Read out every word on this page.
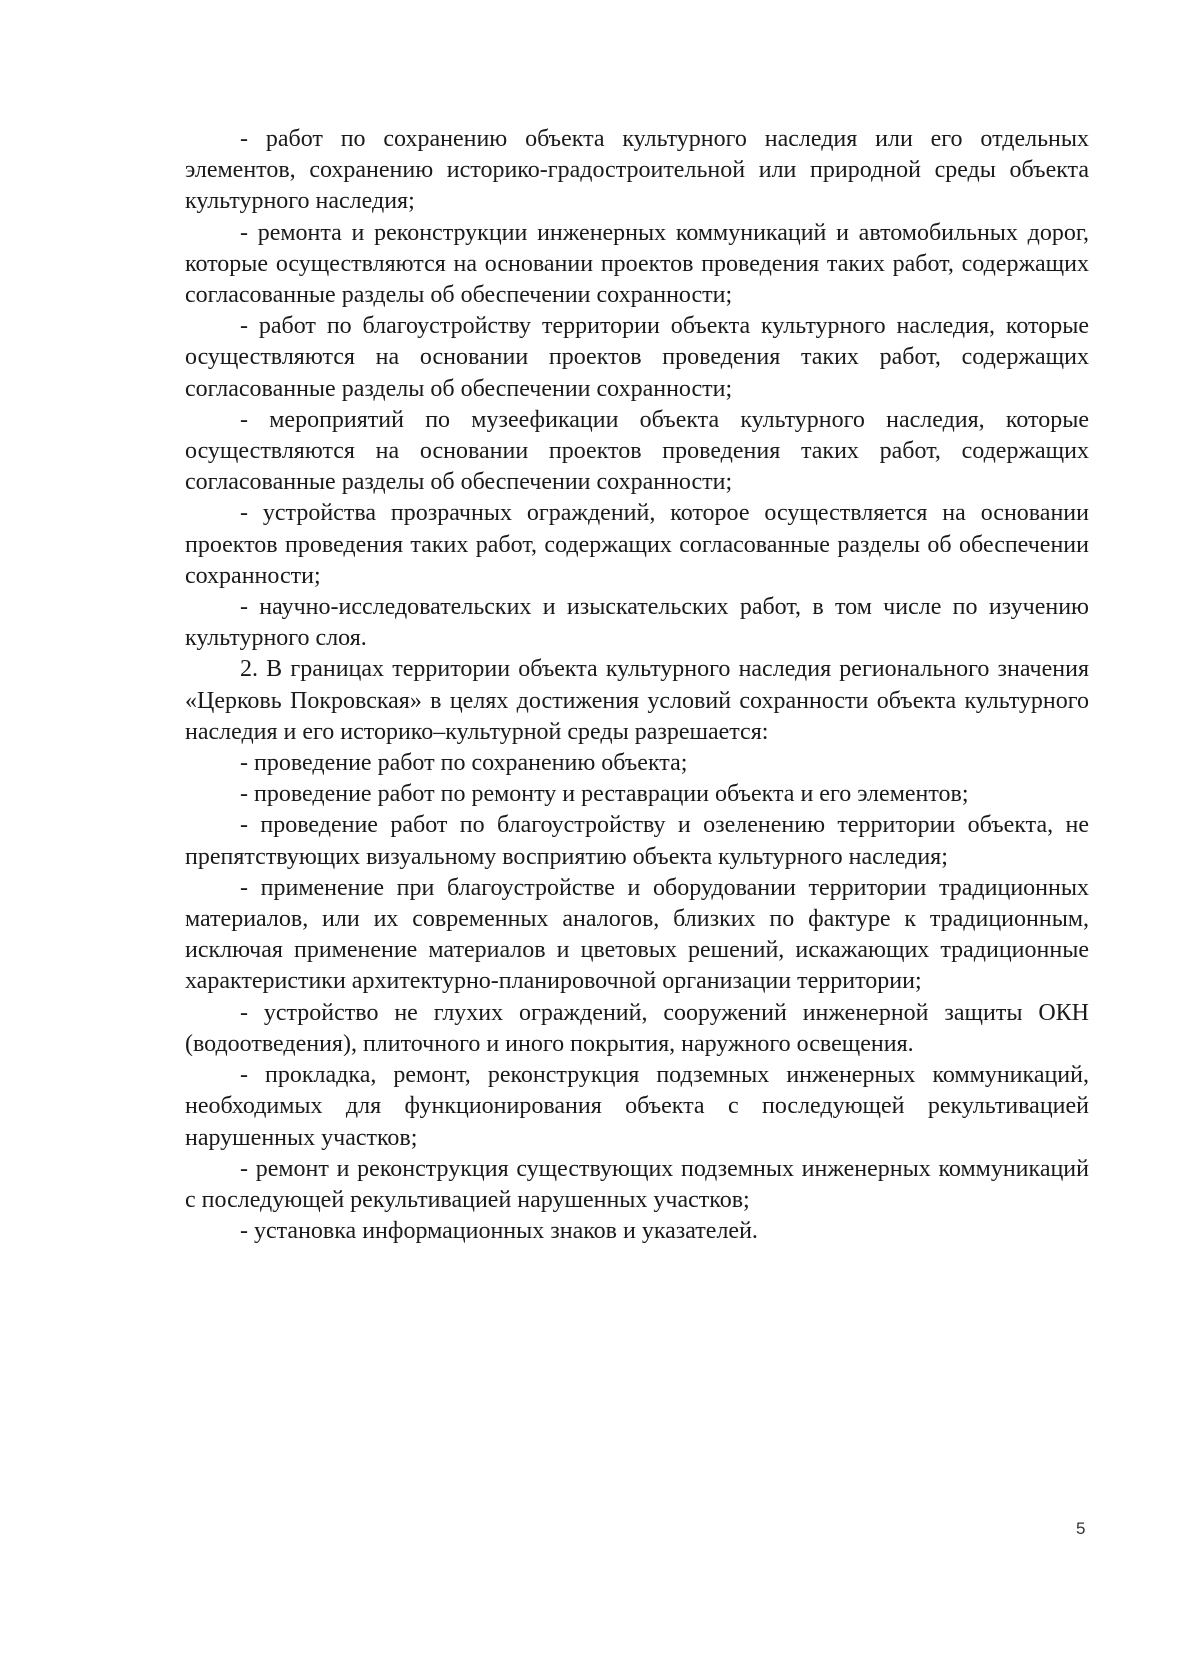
- работ по сохранению объекта культурного наследия или его отдельных элементов, сохранению историко-градостроительной или природной среды объекта культурного наследия;

- ремонта и реконструкции инженерных коммуникаций и автомобильных дорог, которые осуществляются на основании проектов проведения таких работ, содержащих согласованные разделы об обеспечении сохранности;

- работ по благоустройству территории объекта культурного наследия, которые осуществляются на основании проектов проведения таких работ, содержащих согласованные разделы об обеспечении сохранности;

- мероприятий по музеефикации объекта культурного наследия, которые осуществляются на основании проектов проведения таких работ, содержащих согласованные разделы об обеспечении сохранности;

- устройства прозрачных ограждений, которое осуществляется на основании проектов проведения таких работ, содержащих согласованные разделы об обеспечении сохранности;

- научно-исследовательских и изыскательских работ, в том числе по изучению культурного слоя.

2. В границах территории объекта культурного наследия регионального значения «Церковь Покровская» в целях достижения условий сохранности объекта культурного наследия и его историко–культурной среды разрешается:

- проведение работ по сохранению объекта;

- проведение работ по ремонту и реставрации объекта и его элементов;

- проведение работ по благоустройству и озеленению территории объекта, не препятствующих визуальному восприятию объекта культурного наследия;

- применение при благоустройстве и оборудовании территории традиционных материалов, или их современных аналогов, близких по фактуре к традиционным, исключая применение материалов и цветовых решений, искажающих традиционные характеристики архитектурно-планировочной организации территории;

- устройство не глухих ограждений, сооружений инженерной защиты ОКН (водоотведения), плиточного и иного покрытия, наружного освещения.

- прокладка, ремонт, реконструкция подземных инженерных коммуникаций, необходимых для функционирования объекта с последующей рекультивацией нарушенных участков;

- ремонт и реконструкция существующих подземных инженерных коммуникаций с последующей рекультивацией нарушенных участков;

- установка информационных знаков и указателей.

5
